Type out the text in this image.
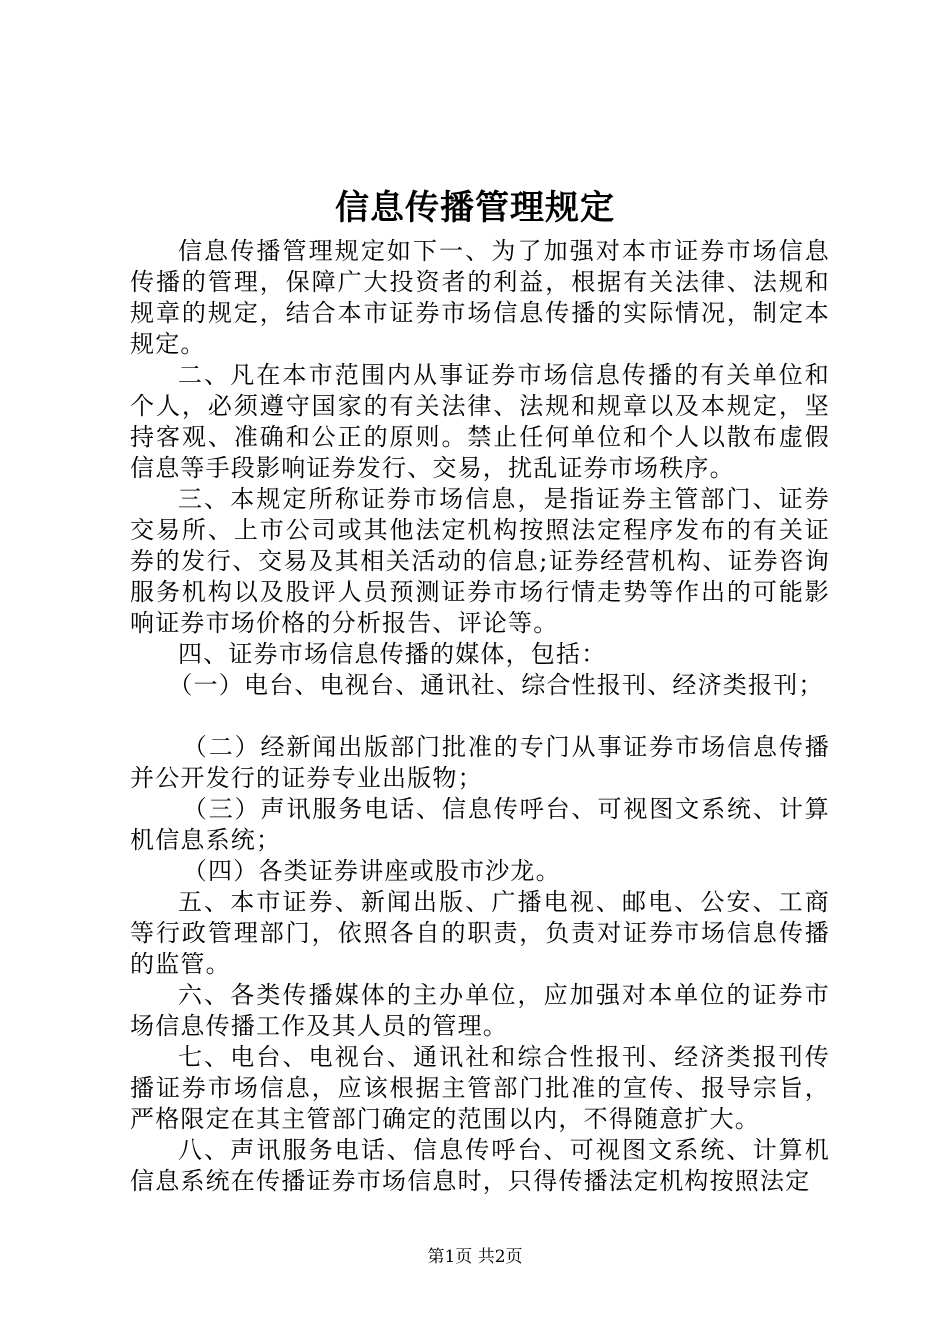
信息传播管理规定

信息传播管理规定如下一、为了加强对本市证券市场信息传播的管理，保障广大投资者的利益，根据有关法律、法规和规章的规定，结合本市证券市场信息传播的实际情况，制定本规定。

二、凡在本市范围内从事证券市场信息传播的有关单位和个人，必须遵守国家的有关法律、法规和规章以及本规定，坚持客观、准确和公正的原则。禁止任何单位和个人以散布虚假信息等手段影响证券发行、交易，扰乱证券市场秩序。

三、本规定所称证券市场信息，是指证券主管部门、证券交易所、上市公司或其他法定机构按照法定程序发布的有关证券的发行、交易及其相关活动的信息;证券经营机构、证券咨询服务机构以及股评人员预测证券市场行情走势等作出的可能影响证券市场价格的分析报告、评论等。

四、证券市场信息传播的媒体，包括：

（一）电台、电视台、通讯社、综合性报刊、经济类报刊；

（二）经新闻出版部门批准的专门从事证券市场信息传播并公开发行的证券专业出版物；

（三）声讯服务电话、信息传呼台、可视图文系统、计算机信息系统；

（四）各类证券讲座或股市沙龙。

五、本市证券、新闻出版、广播电视、邮电、公安、工商等行政管理部门，依照各自的职责，负责对证券市场信息传播的监管。

六、各类传播媒体的主办单位，应加强对本单位的证券市场信息传播工作及其人员的管理。

七、电台、电视台、通讯社和综合性报刊、经济类报刊传播证券市场信息，应该根据主管部门批准的宣传、报导宗旨，严格限定在其主管部门确定的范围以内，不得随意扩大。

八、声讯服务电话、信息传呼台、可视图文系统、计算机信息系统在传播证券市场信息时，只得传播法定机构按照法定

第1页 共2页
